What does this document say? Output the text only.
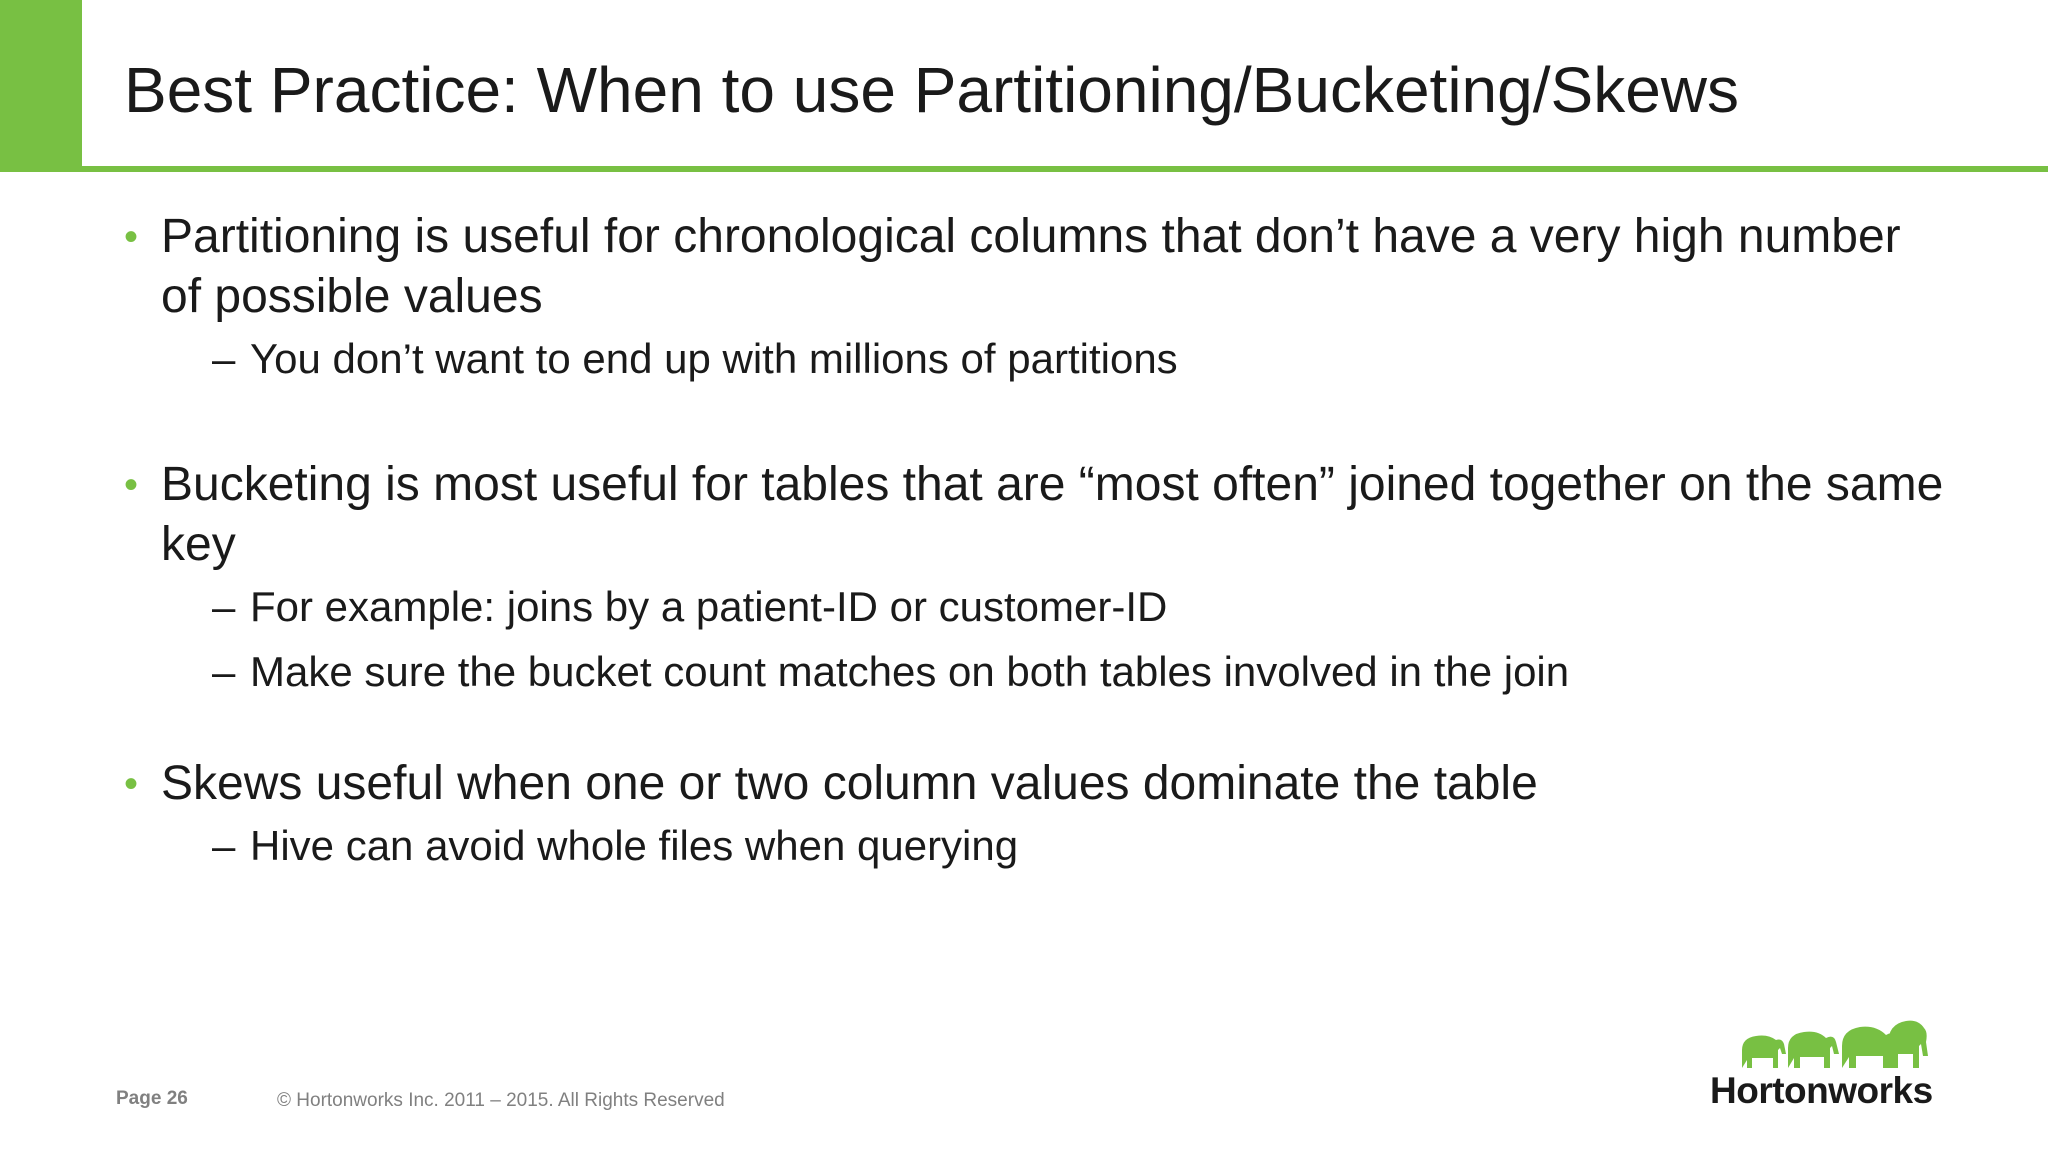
Best Practice: When to use Partitioning/Bucketing/Skews
• Partitioning is useful for chronological columns that don’t have a very high number of possible values
– You don’t want to end up with millions of partitions
• Bucketing is most useful for tables that are “most often” joined together on the same key
– For example: joins by a patient-ID or customer-ID
– Make sure the bucket count matches on both tables involved in the join
• Skews useful when one or two column values dominate the table
– Hive can avoid whole files when querying
Page 26	© Hortonworks Inc. 2011 – 2015. All Rights Reserved	Hortonworks
